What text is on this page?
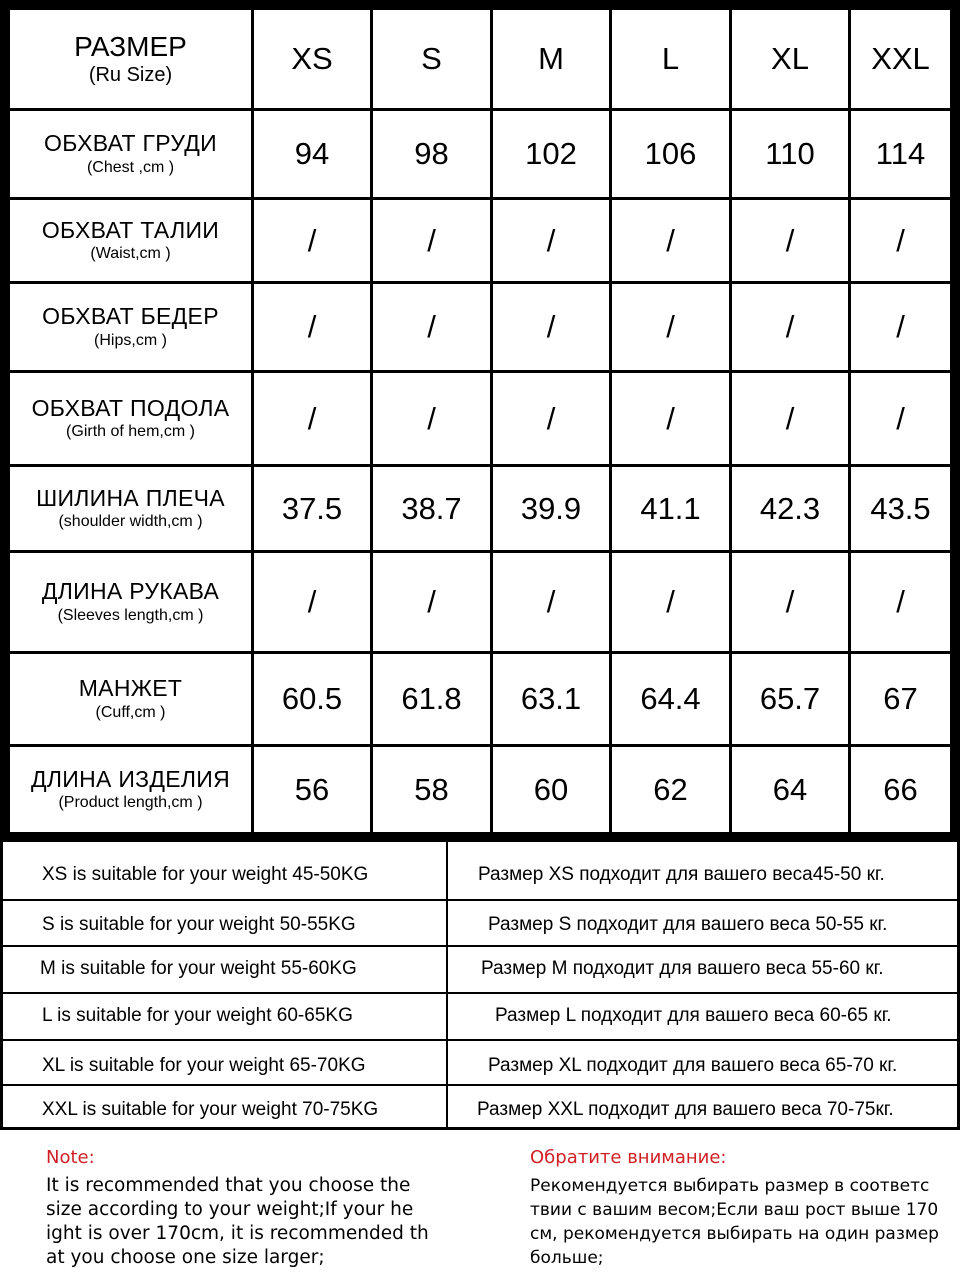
РАЗМЕР
(Ru Size)	XS	S	M	L	XL XXL
ОБХВАТ ГРУДИ
(Chest ,cm )	94	98 102 106 110 114
ОБХВАТ ТАЛИИ
(Waist,cm )	/	/	/	/	/	/
ОБХВАТ БЕДЕР
(Hips,cm )	/	/	/	/	/	/
ОБХВАТ ПОДОЛА
(Girth of hem,cm )	/	/	/	/	/	/
ШИЛИНА ПЛЕЧА
(shoulder width,cm )	37.5 38.7 39.9 41.1 42.3 43.5
ДЛИНА РУКАВА
(Sleeves length,cm )	/	/	/	/	/	/
МАНЖЕТ
(Cuff,cm )	60.5 61.8 63.1 64.4 65.7 67
ДЛИНА ИЗДЕЛИЯ
(Product length,cm )	56	58	60	62	64 66
XS is suitable for your weight 45-50KG	Размер XS подходит для вашего веса45-50 кг.
S is suitable for your weight 50-55KG	Размер S подходит для вашего веса 50-55 кг.
M is suitable for your weight 55-60KG	Размер M подходит для вашего веса 55-60 кг.
L is suitable for your weight 60-65KG	Размер L подходит для вашего веса 60-65 кг.
XL is suitable for your weight 65-70KG	Размер XL подходит для вашего веса 65-70 кг.
XXL is suitable for your weight 70-75KG	Размер XXL подходит для вашего веса 70-75кг.
Note:
It is recommended that you choose the
size according to your weight;If your he
ight is over 170cm, it is recommended th
at you choose one size larger;
Обратите внимание:
Рекомендуется выбирать размер в соответс
твии с вашим весом;Если ваш рост выше 170
см, рекомендуется выбирать на один размер
больше;
